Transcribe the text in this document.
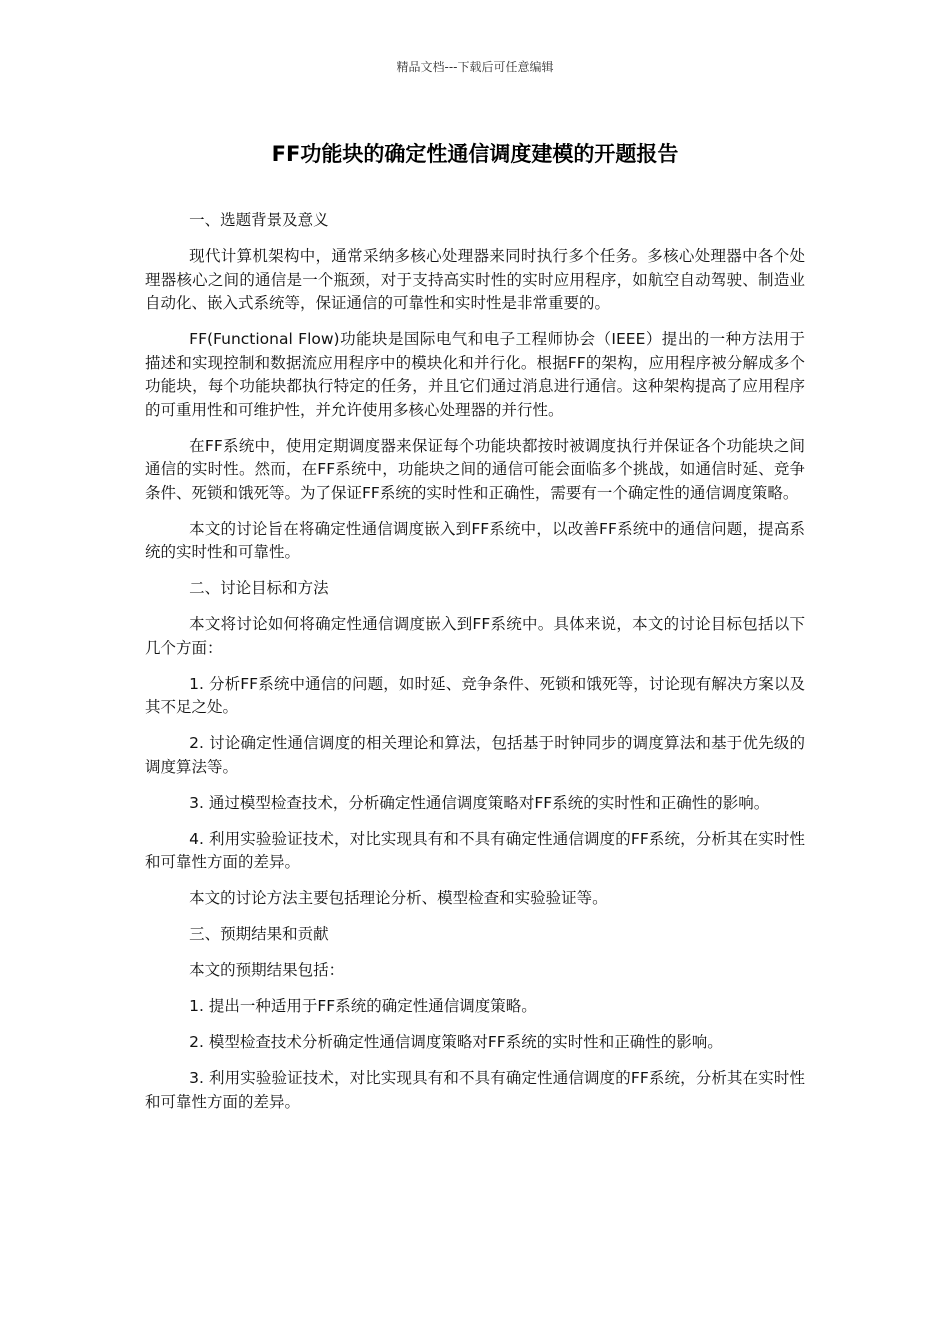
精品文档---下载后可任意编辑
FF功能块的确定性通信调度建模的开题报告

一、选题背景及意义

现代计算机架构中，通常采纳多核心处理器来同时执行多个任务。多核心处理器中各个处理器核心之间的通信是一个瓶颈，对于支持高实时性的实时应用程序，如航空自动驾驶、制造业自动化、嵌入式系统等，保证通信的可靠性和实时性是非常重要的。

FF(Functional Flow)功能块是国际电气和电子工程师协会（IEEE）提出的一种方法用于描述和实现控制和数据流应用程序中的模块化和并行化。根据FF的架构，应用程序被分解成多个功能块，每个功能块都执行特定的任务，并且它们通过消息进行通信。这种架构提高了应用程序的可重用性和可维护性，并允许使用多核心处理器的并行性。

在FF系统中，使用定期调度器来保证每个功能块都按时被调度执行并保证各个功能块之间通信的实时性。然而，在FF系统中，功能块之间的通信可能会面临多个挑战，如通信时延、竞争条件、死锁和饿死等。为了保证FF系统的实时性和正确性，需要有一个确定性的通信调度策略。

本文的讨论旨在将确定性通信调度嵌入到FF系统中，以改善FF系统中的通信问题，提高系统的实时性和可靠性。

二、讨论目标和方法

本文将讨论如何将确定性通信调度嵌入到FF系统中。具体来说，本文的讨论目标包括以下几个方面：

1. 分析FF系统中通信的问题，如时延、竞争条件、死锁和饿死等，讨论现有解决方案以及其不足之处。

2. 讨论确定性通信调度的相关理论和算法，包括基于时钟同步的调度算法和基于优先级的调度算法等。

3. 通过模型检查技术，分析确定性通信调度策略对FF系统的实时性和正确性的影响。

4. 利用实验验证技术，对比实现具有和不具有确定性通信调度的FF系统，分析其在实时性和可靠性方面的差异。

本文的讨论方法主要包括理论分析、模型检查和实验验证等。

三、预期结果和贡献

本文的预期结果包括：

1. 提出一种适用于FF系统的确定性通信调度策略。

2. 模型检查技术分析确定性通信调度策略对FF系统的实时性和正确性的影响。

3. 利用实验验证技术，对比实现具有和不具有确定性通信调度的FF系统，分析其在实时性和可靠性方面的差异。
